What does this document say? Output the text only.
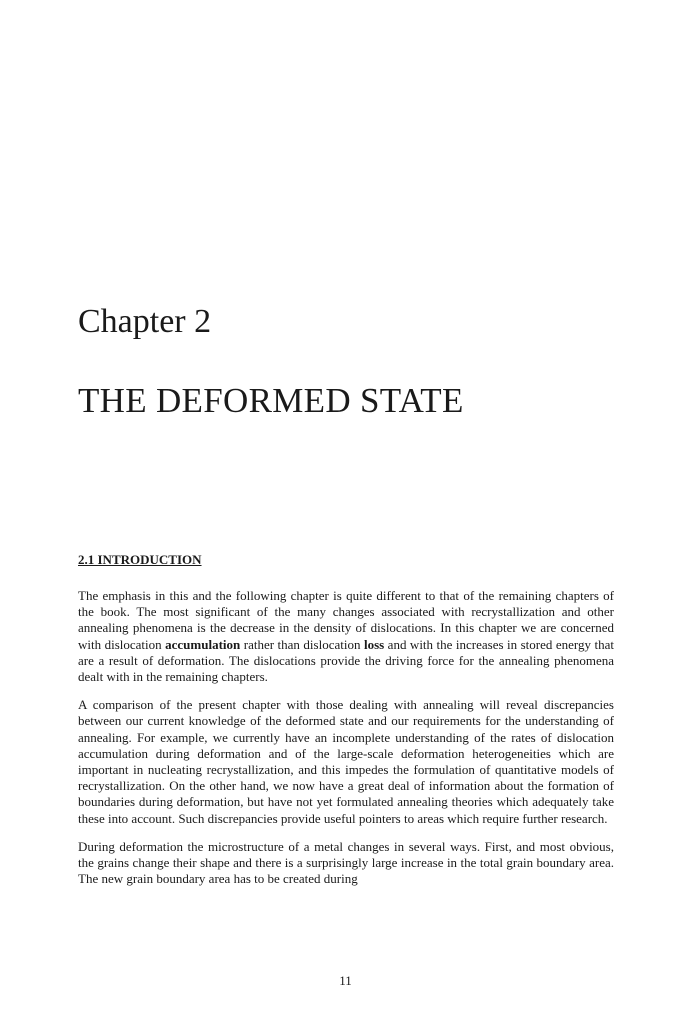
Chapter 2
THE DEFORMED STATE
2.1 INTRODUCTION

The emphasis in this and the following chapter is quite different to that of the remaining chapters of the book. The most significant of the many changes associated with recrystallization and other annealing phenomena is the decrease in the density of dislocations. In this chapter we are concerned with dislocation accumulation rather than dislocation loss and with the increases in stored energy that are a result of deformation. The dislocations provide the driving force for the annealing phenomena dealt with in the remaining chapters.

A comparison of the present chapter with those dealing with annealing will reveal discrepancies between our current knowledge of the deformed state and our requirements for the understanding of annealing. For example, we currently have an incomplete understanding of the rates of dislocation accumulation during deformation and of the large-scale deformation heterogeneities which are important in nucleating recrystallization, and this impedes the formulation of quantitative models of recrystallization. On the other hand, we now have a great deal of information about the formation of boundaries during deformation, but have not yet formulated annealing theories which adequately take these into account. Such discrepancies provide useful pointers to areas which require further research.

During deformation the microstructure of a metal changes in several ways. First, and most obvious, the grains change their shape and there is a surprisingly large increase in the total grain boundary area. The new grain boundary area has to be created during

11
